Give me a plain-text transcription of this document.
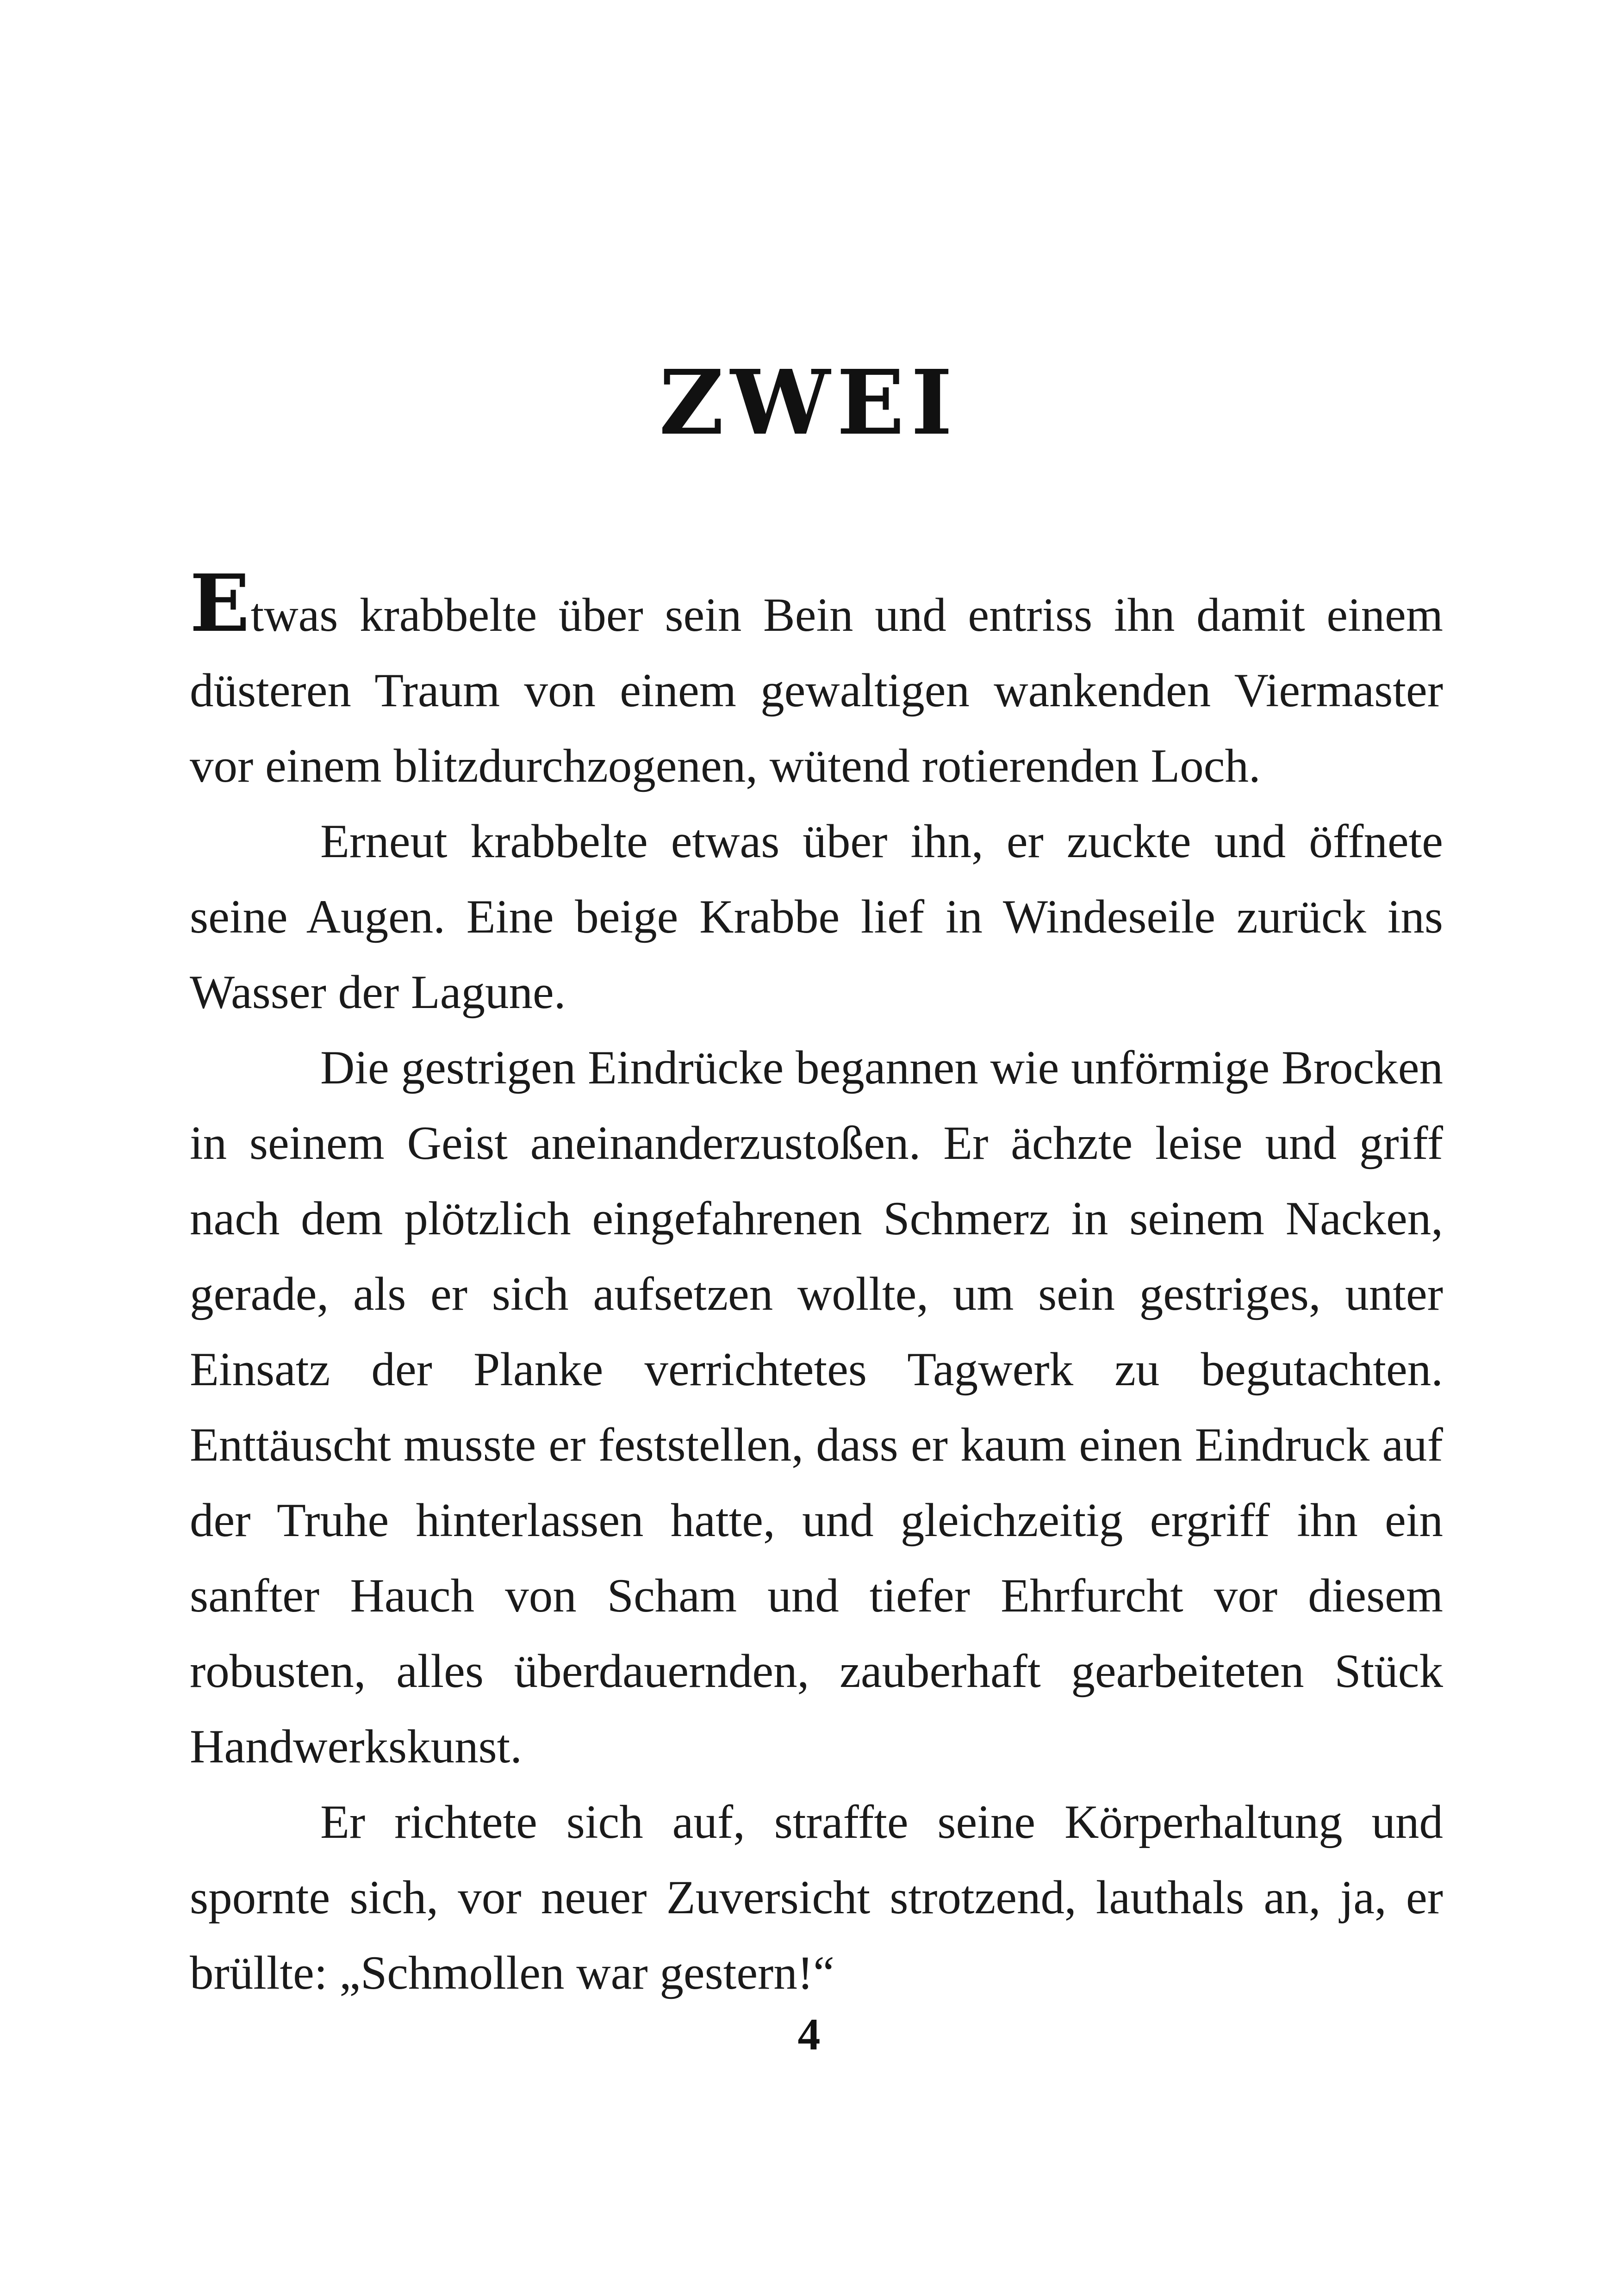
ZWEI

Etwas krabbelte über sein Bein und entriss ihn damit einem düsteren Traum von einem gewaltigen wankenden Viermaster vor einem blitzdurchzogenen, wütend rotierenden Loch.

Erneut krabbelte etwas über ihn, er zuckte und öffnete seine Augen. Eine beige Krabbe lief in Windeseile zurück ins Wasser der Lagune.

Die gestrigen Eindrücke begannen wie unförmige Brocken in seinem Geist aneinanderzustoßen. Er ächzte leise und griff nach dem plötzlich eingefahrenen Schmerz in seinem Nacken, gerade, als er sich aufsetzen wollte, um sein gestriges, unter Einsatz der Planke verrichtetes Tagwerk zu begutachten. Enttäuscht musste er feststellen, dass er kaum einen Eindruck auf der Truhe hinterlassen hatte, und gleichzeitig ergriff ihn ein sanfter Hauch von Scham und tiefer Ehrfurcht vor diesem robusten, alles überdauernden, zauberhaft gearbeiteten Stück Handwerkskunst.

Er richtete sich auf, straffte seine Körperhaltung und spornte sich, vor neuer Zuversicht strotzend, lauthals an, ja, er brüllte: „Schmollen war gestern!“

4
